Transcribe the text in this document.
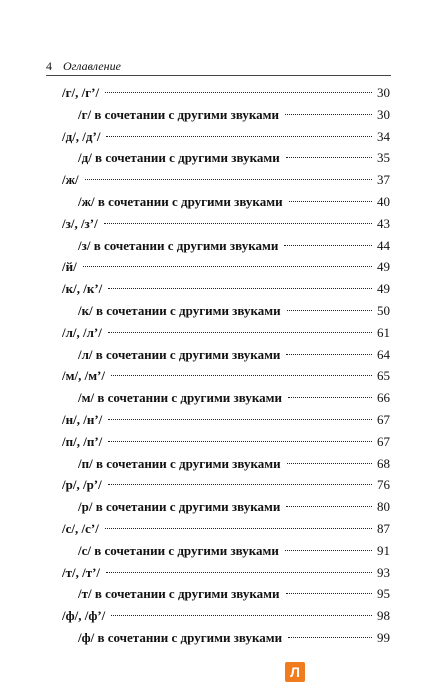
4 Оглавление
/г/, /г’/	30
/г/ в сочетании с другими звуками	30
/д/, /д’/	34
/д/ в сочетании с другими звуками	35
/ж/	37
/ж/ в сочетании с другими звуками	40
/з/, /з’/	43
/з/ в сочетании с другими звуками	44
/й/	49
/к/, /к’/	49
/к/ в сочетании с другими звуками	50
/л/, /л’/	61
/л/ в сочетании с другими звуками	64
/м/, /м’/	65
/м/ в сочетании с другими звуками	66
/н/, /н’/	67
/п/, /п’/	67
/п/ в сочетании с другими звуками	68
/р/, /р’/	76
/р/ в сочетании с другими звуками	80
/с/, /с’/	87
/с/ в сочетании с другими звуками	91
/т/, /т’/	93
/т/ в сочетании с другими звуками	95
/ф/, /ф’/	98
/ф/ в сочетании с другими звуками	99
Л
